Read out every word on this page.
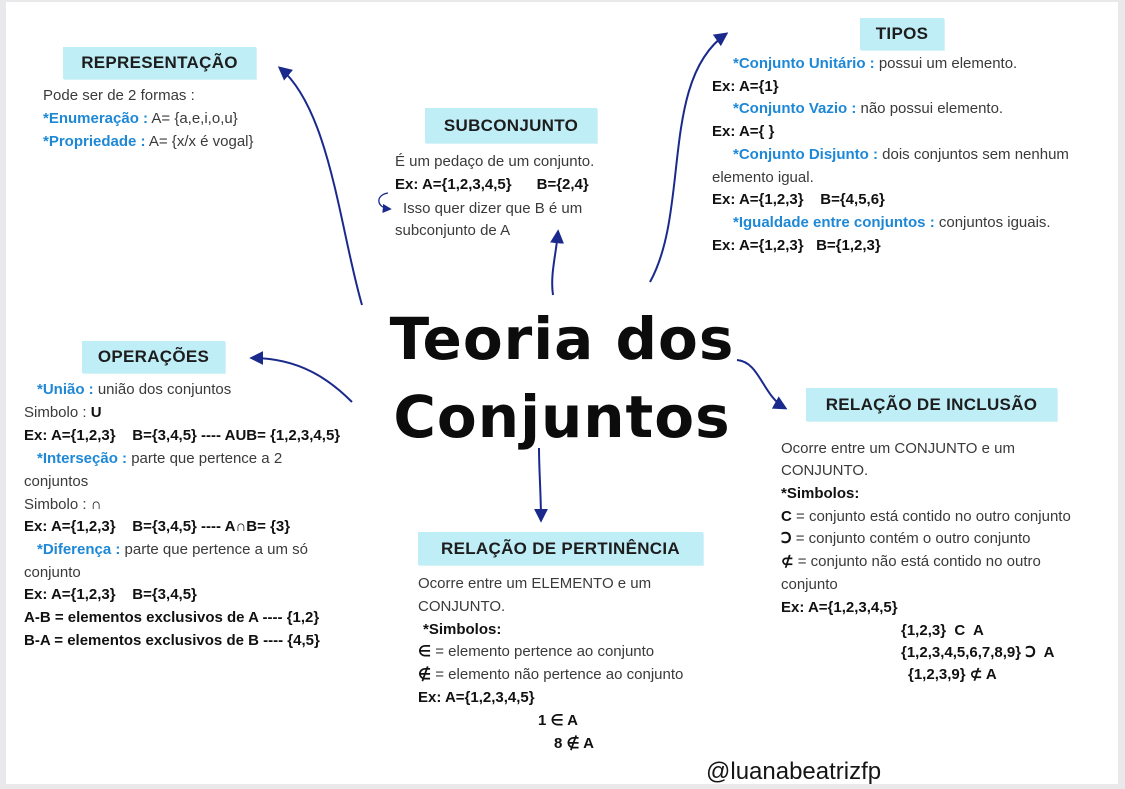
Teoria dos
Conjuntos
REPRESENTAÇÃO
Pode ser de 2 formas :
*Enumeração : A= {a,e,i,o,u}
*Propriedade : A= {x/x é vogal}
SUBCONJUNTO
É um pedaço de um conjunto.
Ex: A={1,2,3,4,5}      B={2,4}
Isso quer dizer que B é um
subconjunto de A
TIPOS
*Conjunto Unitário : possui um elemento.
Ex: A={1}
*Conjunto Vazio : não possui elemento.
Ex: A={ }
*Conjunto Disjunto : dois conjuntos sem nenhum
elemento igual.
Ex: A={1,2,3}    B={4,5,6}
*Igualdade entre conjuntos : conjuntos iguais.
Ex: A={1,2,3}   B={1,2,3}
OPERAÇÕES
*União : união dos conjuntos
Simbolo : U
Ex: A={1,2,3}    B={3,4,5} ---- AUB= {1,2,3,4,5}
*Interseção : parte que pertence a 2
conjuntos
Simbolo : ∩
Ex: A={1,2,3}    B={3,4,5} ---- A∩B= {3}
*Diferença : parte que pertence a um só
conjunto
Ex: A={1,2,3}    B={3,4,5}
A-B = elementos exclusivos de A ---- {1,2}
B-A = elementos exclusivos de B ---- {4,5}
RELAÇÃO DE PERTINÊNCIA
Ocorre entre um ELEMENTO e um
CONJUNTO.
*Simbolos:
∈ = elemento pertence ao conjunto
∉ = elemento não pertence ao conjunto
Ex: A={1,2,3,4,5}
1 ∈ A
8 ∉ A
RELAÇÃO DE INCLUSÃO
Ocorre entre um CONJUNTO e um
CONJUNTO.
*Simbolos:
C = conjunto está contido no outro conjunto
Ↄ = conjunto contém o outro conjunto
⊄ = conjunto não está contido no outro
conjunto
Ex: A={1,2,3,4,5}
{1,2,3}  C  A
{1,2,3,4,5,6,7,8,9} Ↄ  A
{1,2,3,9} ⊄ A
@luanabeatrizfp
